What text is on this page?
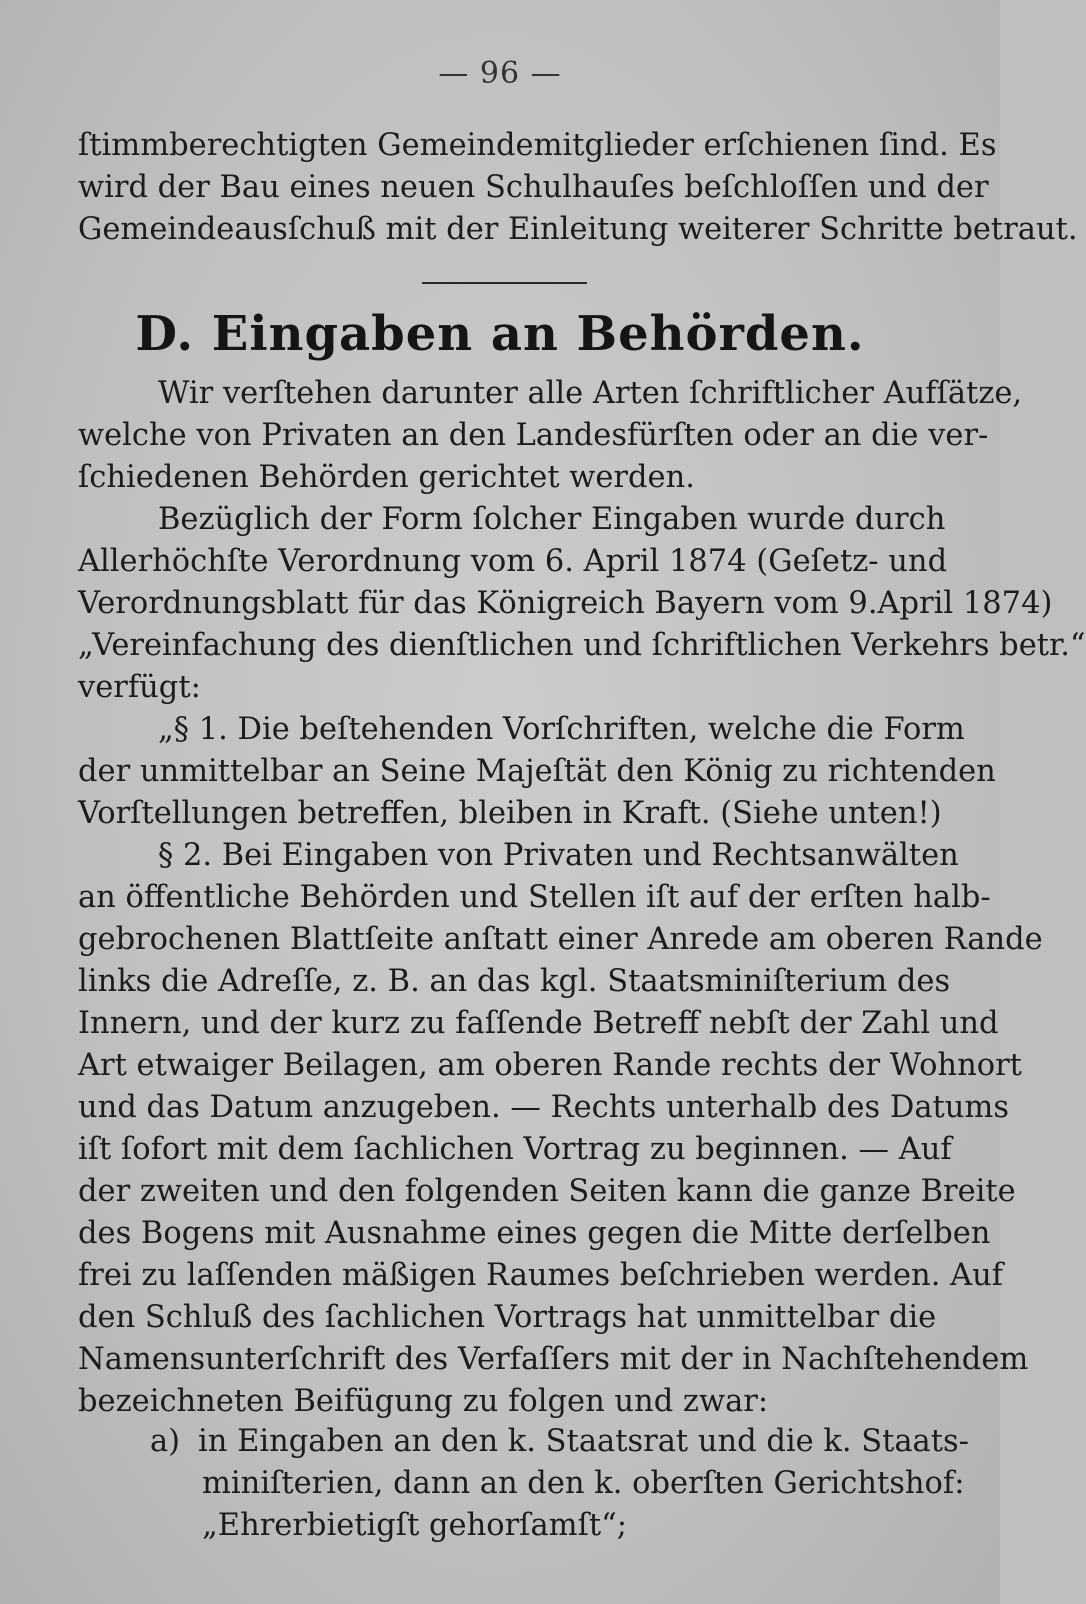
— 96 —
ſtimmberechtigten Gemeindemitglieder erſchienen ſind. Es
wird der Bau eines neuen Schulhauſes beſchloſſen und der
Gemeindeausſchuß mit der Einleitung weiterer Schritte betraut.
D. Eingaben an Behörden.
Wir verſtehen darunter alle Arten ſchriftlicher Aufſätze,
welche von Privaten an den Landesfürſten oder an die ver-
ſchiedenen Behörden gerichtet werden.
Bezüglich der Form ſolcher Eingaben wurde durch
Allerhöchſte Verordnung vom 6. April 1874 (Geſetz- und
Verordnungsblatt für das Königreich Bayern vom 9.April 1874)
„Vereinfachung des dienſtlichen und ſchriftlichen Verkehrs betr.“
verfügt:
„§ 1. Die beſtehenden Vorſchriften, welche die Form
der unmittelbar an Seine Majeſtät den König zu richtenden
Vorſtellungen betreffen, bleiben in Kraft. (Siehe unten!)
§ 2. Bei Eingaben von Privaten und Rechtsanwälten
an öffentliche Behörden und Stellen iſt auf der erſten halb-
gebrochenen Blattſeite anſtatt einer Anrede am oberen Rande
links die Adreſſe, z. B. an das kgl. Staatsminiſterium des
Innern, und der kurz zu faſſende Betreff nebſt der Zahl und
Art etwaiger Beilagen, am oberen Rande rechts der Wohnort
und das Datum anzugeben. — Rechts unterhalb des Datums
iſt ſofort mit dem ſachlichen Vortrag zu beginnen. — Auf
der zweiten und den folgenden Seiten kann die ganze Breite
des Bogens mit Ausnahme eines gegen die Mitte derſelben
frei zu laſſenden mäßigen Raumes beſchrieben werden. Auf
den Schluß des ſachlichen Vortrags hat unmittelbar die
Namensunterſchrift des Verfaſſers mit der in Nachſtehendem
bezeichneten Beifügung zu folgen und zwar:
a) in Eingaben an den k. Staatsrat und die k. Staats-
miniſterien, dann an den k. oberſten Gerichtshof:
„Ehrerbietigſt gehorſamſt“;
